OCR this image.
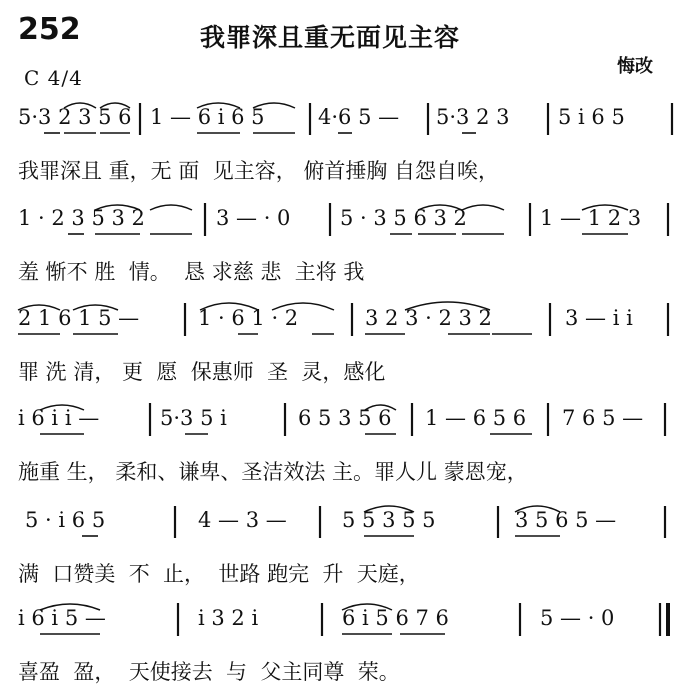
252	我罪深且重无面见主容
悔改
C 4/4
5·3 2 3 5 6 1 — 6 i 6 5	4·6 5 — 5·3 2 3 5 i 6 5
我罪深且 重，无 面  见主容， 俯首捶胸 自怨自唉，
1 · 2 3 5 3 2	3 — · 0 5 · 3 5 6 3 2	1 — 1 2 3
羞 惭不 胜  情。  恳 求慈 悲  主将 我
2 1 6 1 5 —	1 · 6 1 · 2	3 2 3 · 2 3 2	3 — i i
罪 洗 清， 更  愿  保惠师  圣  灵，感化
i 6 i i —	5·3 5 i	6 5 3 5 6 1 — 6 5 6 7 6 5 —
施重 生， 柔和、谦卑、圣洁效法 主。罪人儿 蒙恩宠，
5 · i 6 5	4 — 3 —	5 5 3 5 5	3 5 6 5 —
满  口赞美  不  止，  世路 跑完  升  天庭，
i 6 i 5 —	i 3 2 i	6 i 5 6 7 6	5 — · 0
喜盈  盈，  天使接去  与  父主同尊  荣。
